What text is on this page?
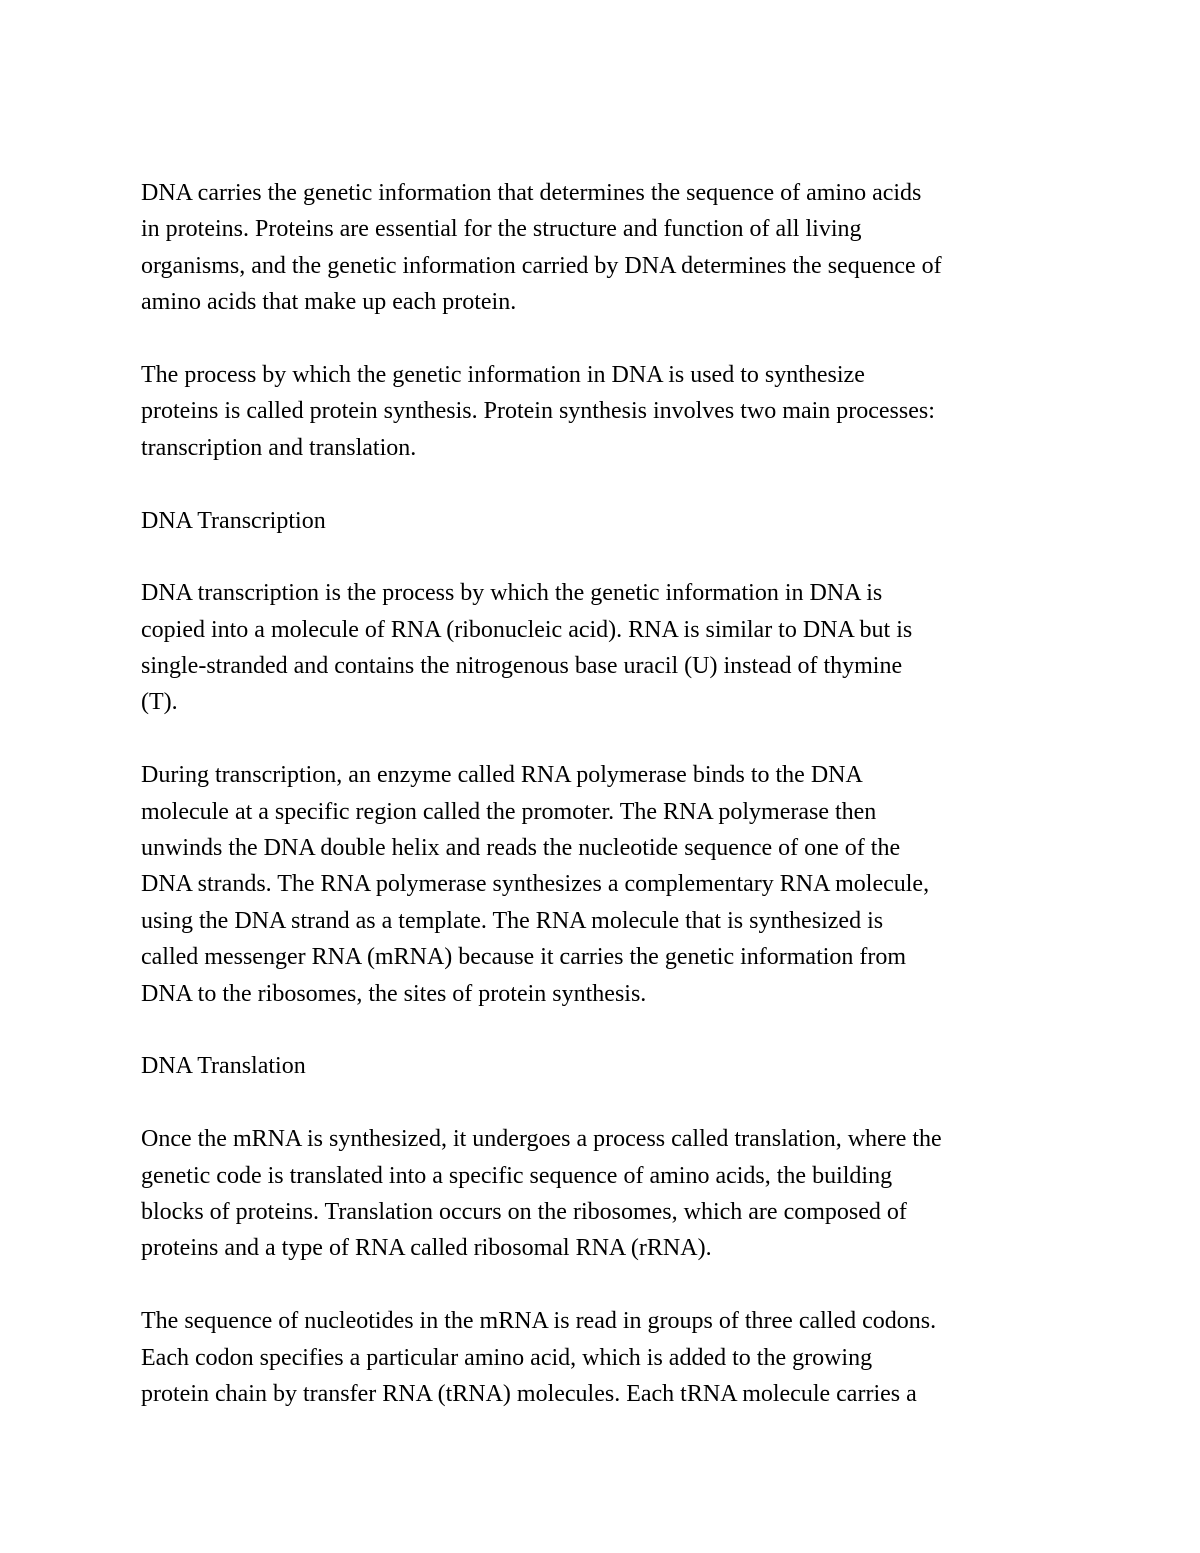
DNA carries the genetic information that determines the sequence of amino acids
in proteins. Proteins are essential for the structure and function of all living
organisms, and the genetic information carried by DNA determines the sequence of
amino acids that make up each protein.
The process by which the genetic information in DNA is used to synthesize
proteins is called protein synthesis. Protein synthesis involves two main processes:
transcription and translation.
DNA Transcription
DNA transcription is the process by which the genetic information in DNA is
copied into a molecule of RNA (ribonucleic acid). RNA is similar to DNA but is
single-stranded and contains the nitrogenous base uracil (U) instead of thymine
(T).
During transcription, an enzyme called RNA polymerase binds to the DNA
molecule at a specific region called the promoter. The RNA polymerase then
unwinds the DNA double helix and reads the nucleotide sequence of one of the
DNA strands. The RNA polymerase synthesizes a complementary RNA molecule,
using the DNA strand as a template. The RNA molecule that is synthesized is
called messenger RNA (mRNA) because it carries the genetic information from
DNA to the ribosomes, the sites of protein synthesis.
DNA Translation
Once the mRNA is synthesized, it undergoes a process called translation, where the
genetic code is translated into a specific sequence of amino acids, the building
blocks of proteins. Translation occurs on the ribosomes, which are composed of
proteins and a type of RNA called ribosomal RNA (rRNA).
The sequence of nucleotides in the mRNA is read in groups of three called codons.
Each codon specifies a particular amino acid, which is added to the growing
protein chain by transfer RNA (tRNA) molecules. Each tRNA molecule carries a
